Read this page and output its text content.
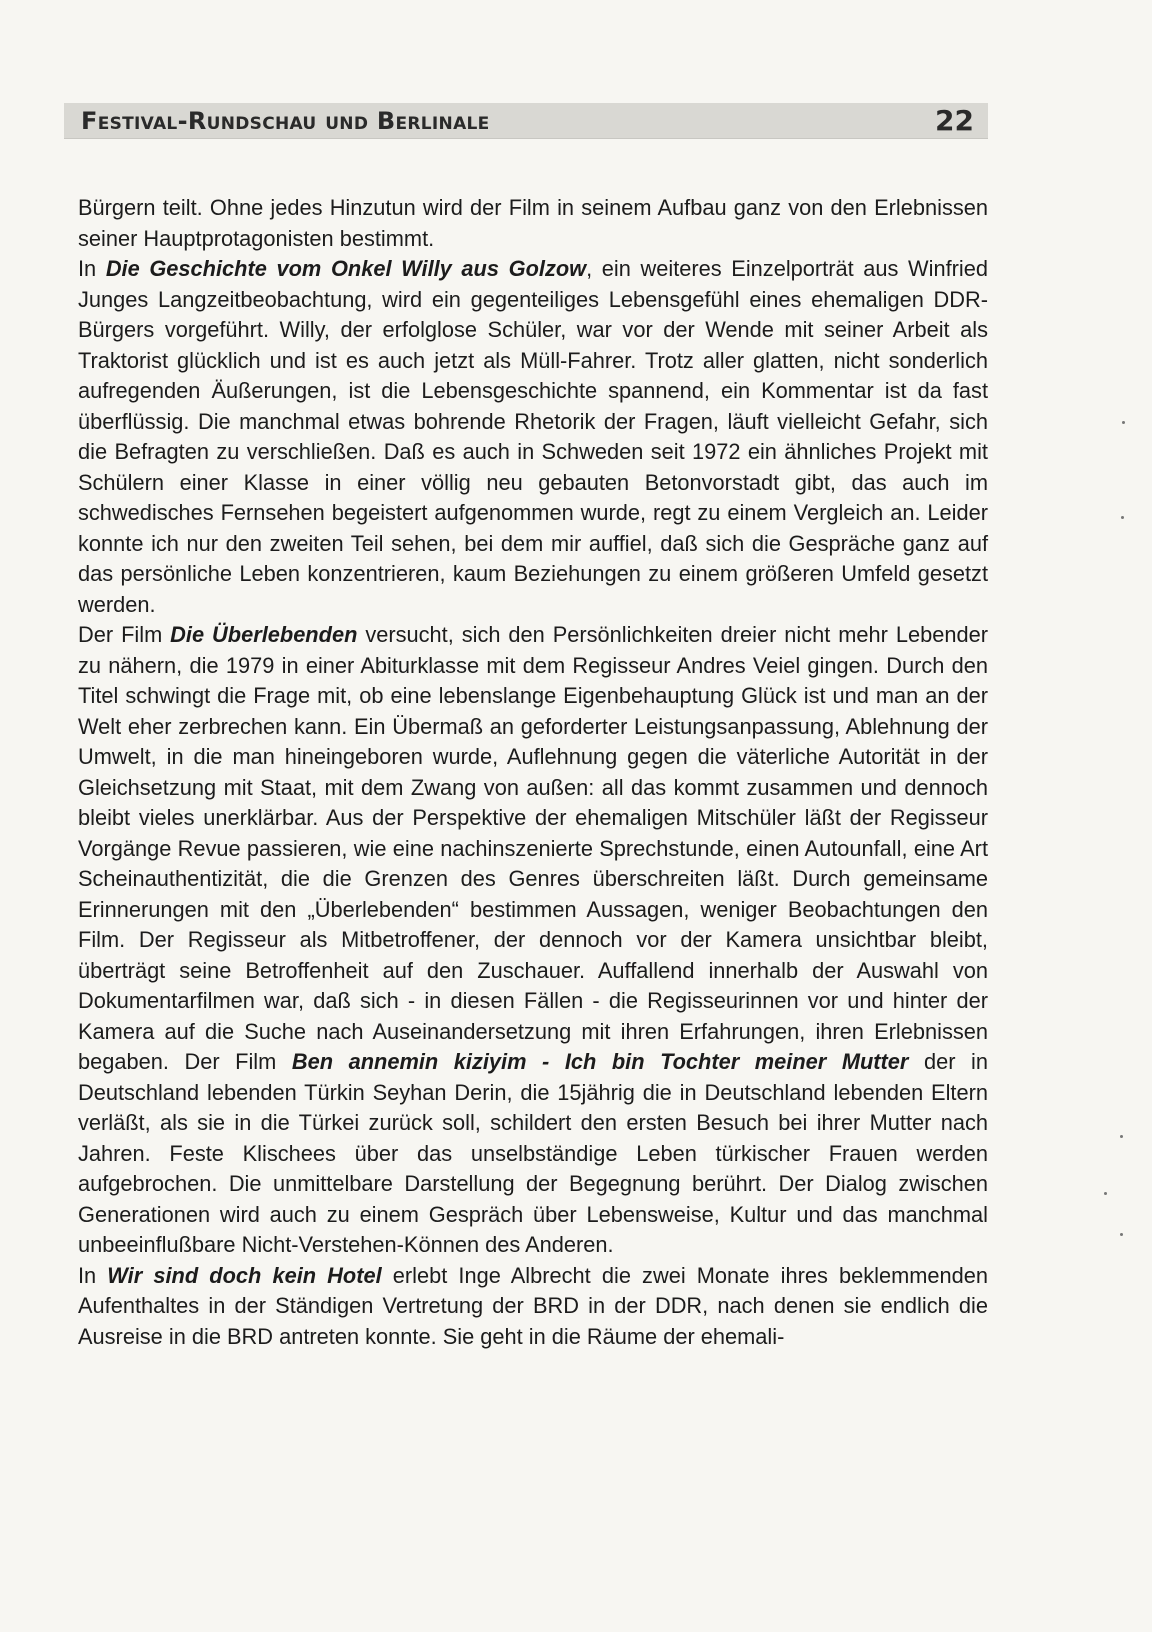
Festival-Rundschau und Berlinale	22

Bürgern teilt. Ohne jedes Hinzutun wird der Film in seinem Aufbau ganz von den Erlebnissen seiner Hauptprotagonisten bestimmt.

In Die Geschichte vom Onkel Willy aus Golzow, ein weiteres Einzelporträt aus Winfried Junges Langzeitbeobachtung, wird ein gegenteiliges Lebensgefühl eines ehemaligen DDR-Bürgers vorgeführt. Willy, der erfolglose Schüler, war vor der Wende mit seiner Arbeit als Traktorist glücklich und ist es auch jetzt als Müll-Fahrer. Trotz aller glatten, nicht sonderlich aufregenden Äußerungen, ist die Lebensgeschichte spannend, ein Kommentar ist da fast überflüssig. Die manchmal etwas bohrende Rhetorik der Fragen, läuft vielleicht Gefahr, sich die Befragten zu verschließen. Daß es auch in Schweden seit 1972 ein ähnliches Projekt mit Schülern einer Klasse in einer völlig neu gebauten Betonvorstadt gibt, das auch im schwedisches Fernsehen begeistert aufgenommen wurde, regt zu einem Vergleich an. Leider konnte ich nur den zweiten Teil sehen, bei dem mir auffiel, daß sich die Gespräche ganz auf das persönliche Leben konzentrieren, kaum Beziehungen zu einem größeren Umfeld gesetzt werden.

Der Film Die Überlebenden versucht, sich den Persönlichkeiten dreier nicht mehr Lebender zu nähern, die 1979 in einer Abiturklasse mit dem Regisseur Andres Veiel gingen. Durch den Titel schwingt die Frage mit, ob eine lebenslange Eigenbehauptung Glück ist und man an der Welt eher zerbrechen kann. Ein Übermaß an geforderter Leistungsanpassung, Ablehnung der Umwelt, in die man hineingeboren wurde, Auflehnung gegen die väterliche Autorität in der Gleichsetzung mit Staat, mit dem Zwang von außen: all das kommt zusammen und dennoch bleibt vieles unerklärbar. Aus der Perspektive der ehemaligen Mitschüler läßt der Regisseur Vorgänge Revue passieren, wie eine nachinszenierte Sprechstunde, einen Autounfall, eine Art Scheinauthentizität, die die Grenzen des Genres überschreiten läßt. Durch gemeinsame Erinnerungen mit den „Überlebenden“ bestimmen Aussagen, weniger Beobachtungen den Film. Der Regisseur als Mitbetroffener, der dennoch vor der Kamera unsichtbar bleibt, überträgt seine Betroffenheit auf den Zuschauer. Auffallend innerhalb der Auswahl von Dokumentarfilmen war, daß sich - in diesen Fällen - die Regisseurinnen vor und hinter der Kamera auf die Suche nach Auseinandersetzung mit ihren Erfahrungen, ihren Erlebnissen begaben. Der Film Ben annemin kiziyim - Ich bin Tochter meiner Mutter der in Deutschland lebenden Türkin Seyhan Derin, die 15jährig die in Deutschland lebenden Eltern verläßt, als sie in die Türkei zurück soll, schildert den ersten Besuch bei ihrer Mutter nach Jahren. Feste Klischees über das unselbständige Leben türkischer Frauen werden aufgebrochen. Die unmittelbare Darstellung der Begegnung berührt. Der Dialog zwischen Generationen wird auch zu einem Gespräch über Lebensweise, Kultur und das manchmal unbeeinflußbare Nicht-Verstehen-Können des Anderen.

In Wir sind doch kein Hotel erlebt Inge Albrecht die zwei Monate ihres beklemmenden Aufenthaltes in der Ständigen Vertretung der BRD in der DDR, nach denen sie endlich die Ausreise in die BRD antreten konnte. Sie geht in die Räume der ehemali-
